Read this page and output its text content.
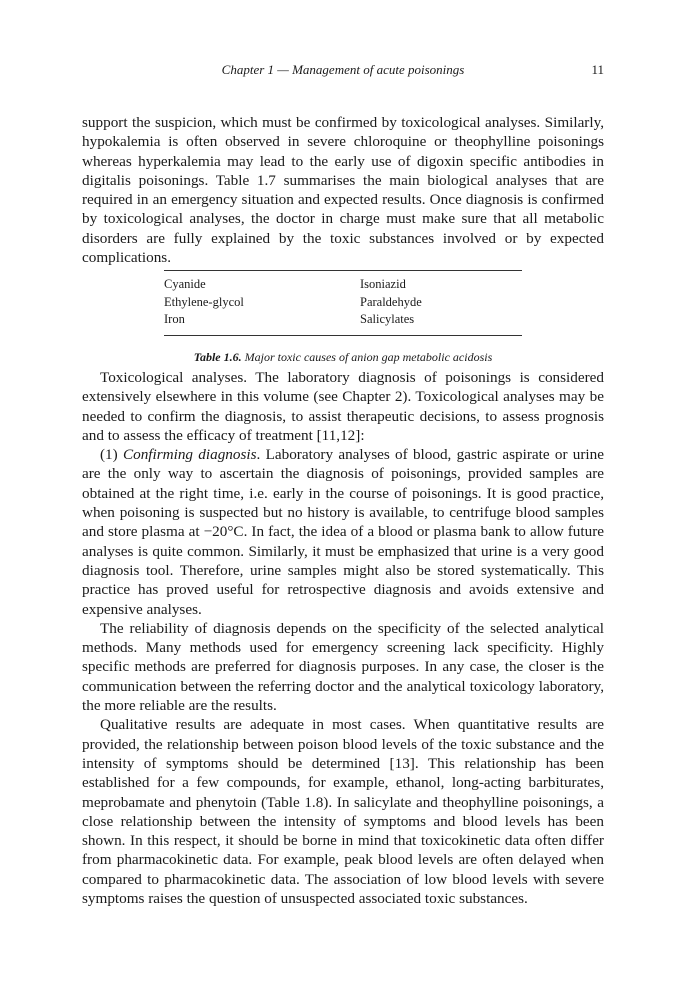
Chapter 1 — Management of acute poisonings	11

support the suspicion, which must be confirmed by toxicological analyses. Similarly, hypokalemia is often observed in severe chloroquine or theophylline poisonings whereas hyperkalemia may lead to the early use of digoxin specific antibodies in digitalis poisonings. Table 1.7 summarises the main biological analyses that are required in an emergency situation and expected results. Once diagnosis is confirmed by toxicological analyses, the doctor in charge must make sure that all metabolic disorders are fully explained by the toxic substances involved or by expected complications.

Cyanide	Isoniazid
Ethylene-glycol	Paraldehyde
Iron	Salicylates
Table 1.6. Major toxic causes of anion gap metabolic acidosis

Toxicological analyses. The laboratory diagnosis of poisonings is considered extensively elsewhere in this volume (see Chapter 2). Toxicological analyses may be needed to confirm the diagnosis, to assist therapeutic decisions, to assess prognosis and to assess the efficacy of treatment [11,12]:

(1) Confirming diagnosis. Laboratory analyses of blood, gastric aspirate or urine are the only way to ascertain the diagnosis of poisonings, provided samples are obtained at the right time, i.e. early in the course of poisonings. It is good practice, when poisoning is suspected but no history is available, to centrifuge blood samples and store plasma at −20°C. In fact, the idea of a blood or plasma bank to allow future analyses is quite common. Similarly, it must be emphasized that urine is a very good diagnosis tool. Therefore, urine samples might also be stored systematically. This practice has proved useful for retrospective diagnosis and avoids extensive and expensive analyses.

The reliability of diagnosis depends on the specificity of the selected analytical methods. Many methods used for emergency screening lack specificity. Highly specific methods are preferred for diagnosis purposes. In any case, the closer is the communication between the referring doctor and the analytical toxicology laboratory, the more reliable are the results.

Qualitative results are adequate in most cases. When quantitative results are provided, the relationship between poison blood levels of the toxic substance and the intensity of symptoms should be determined [13]. This relationship has been established for a few compounds, for example, ethanol, long-acting barbiturates, meprobamate and phenytoin (Table 1.8). In salicylate and theophylline poisonings, a close relationship between the intensity of symptoms and blood levels has been shown. In this respect, it should be borne in mind that toxicokinetic data often differ from pharmacokinetic data. For example, peak blood levels are often delayed when compared to pharmacokinetic data. The association of low blood levels with severe symptoms raises the question of unsuspected associated toxic substances.
